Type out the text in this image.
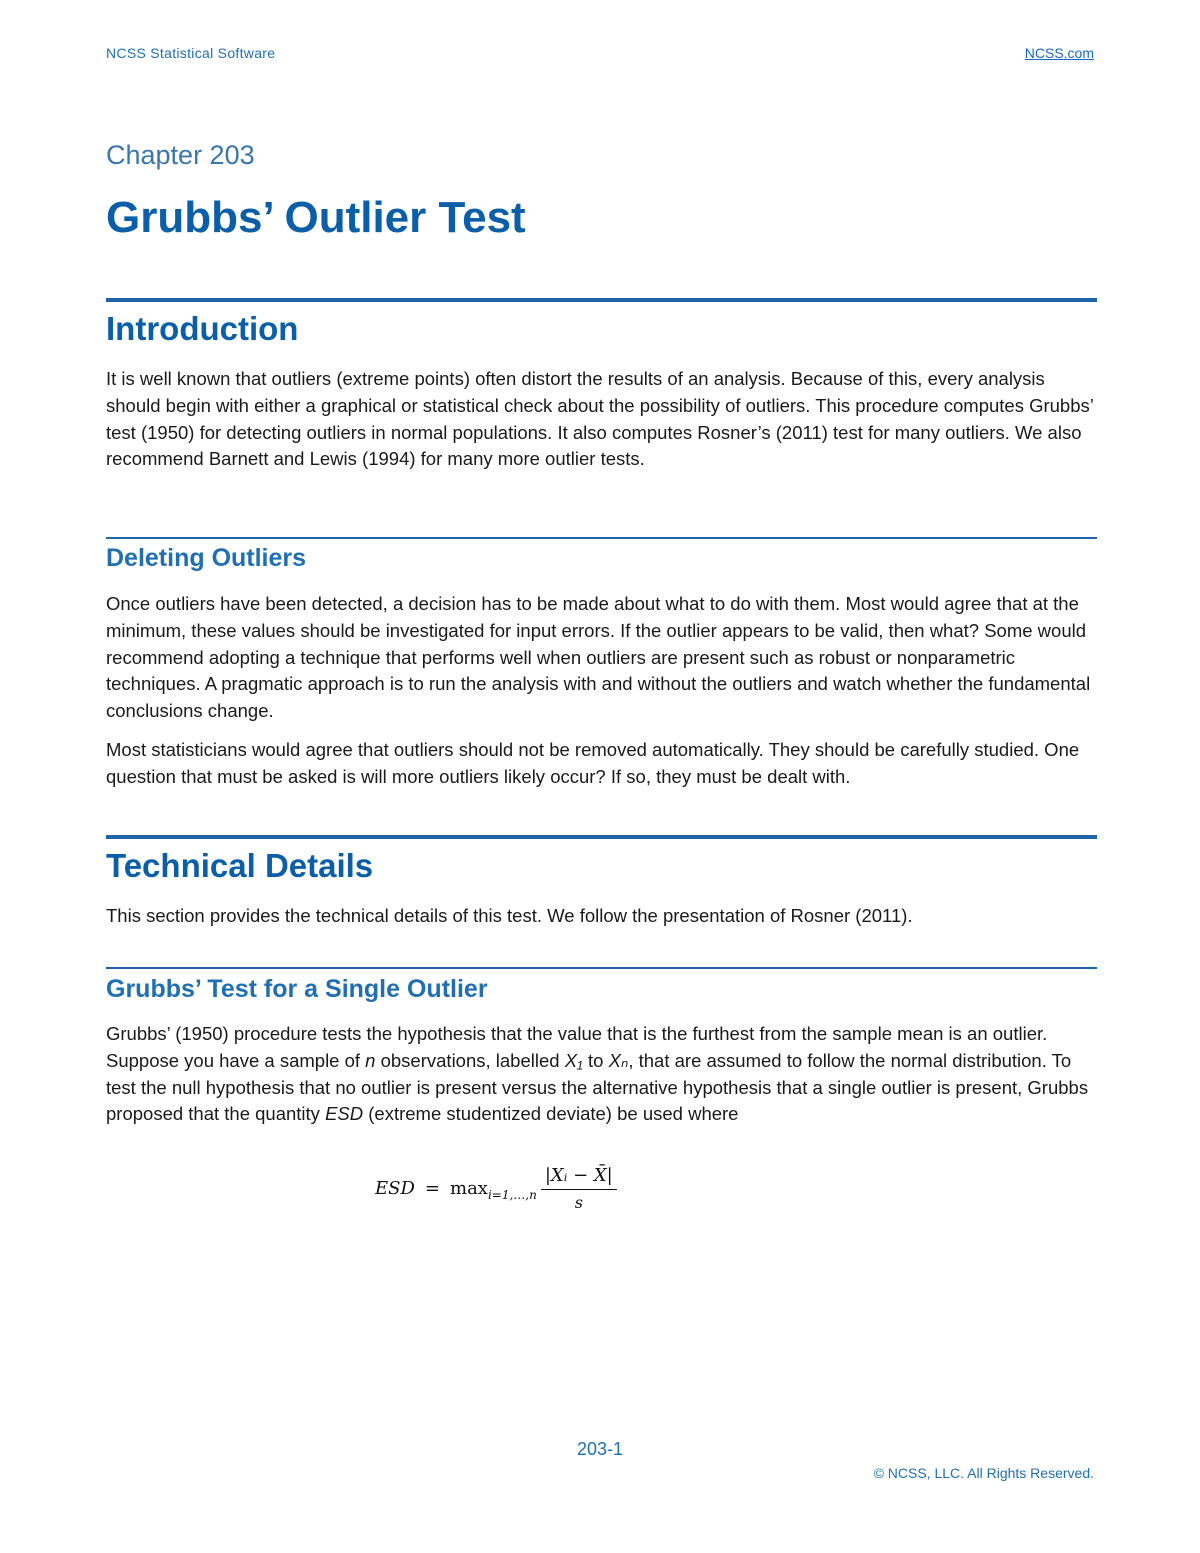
NCSS Statistical Software	NCSS.com
Chapter 203
Grubbs’ Outlier Test
Introduction

It is well known that outliers (extreme points) often distort the results of an analysis. Because of this, every analysis should begin with either a graphical or statistical check about the possibility of outliers. This procedure computes Grubbs’ test (1950) for detecting outliers in normal populations. It also computes Rosner’s (2011) test for many outliers. We also recommend Barnett and Lewis (1994) for many more outlier tests.

Deleting Outliers

Once outliers have been detected, a decision has to be made about what to do with them. Most would agree that at the minimum, these values should be investigated for input errors. If the outlier appears to be valid, then what? Some would recommend adopting a technique that performs well when outliers are present such as robust or nonparametric techniques. A pragmatic approach is to run the analysis with and without the outliers and watch whether the fundamental conclusions change.

Most statisticians would agree that outliers should not be removed automatically. They should be carefully studied. One question that must be asked is will more outliers likely occur? If so, they must be dealt with.

Technical Details

This section provides the technical details of this test. We follow the presentation of Rosner (2011).

Grubbs’ Test for a Single Outlier

Grubbs’ (1950) procedure tests the hypothesis that the value that is the furthest from the sample mean is an outlier. Suppose you have a sample of n observations, labelled X₁ to Xₙ, that are assumed to follow the normal distribution. To test the null hypothesis that no outlier is present versus the alternative hypothesis that a single outlier is present, Grubbs proposed that the quantity ESD (extreme studentized deviate) be used where

ESD = max i=1,…,n $\frac{\text{|Xᵢ − X̄|}}{s}$
203-1
© NCSS, LLC. All Rights Reserved.
